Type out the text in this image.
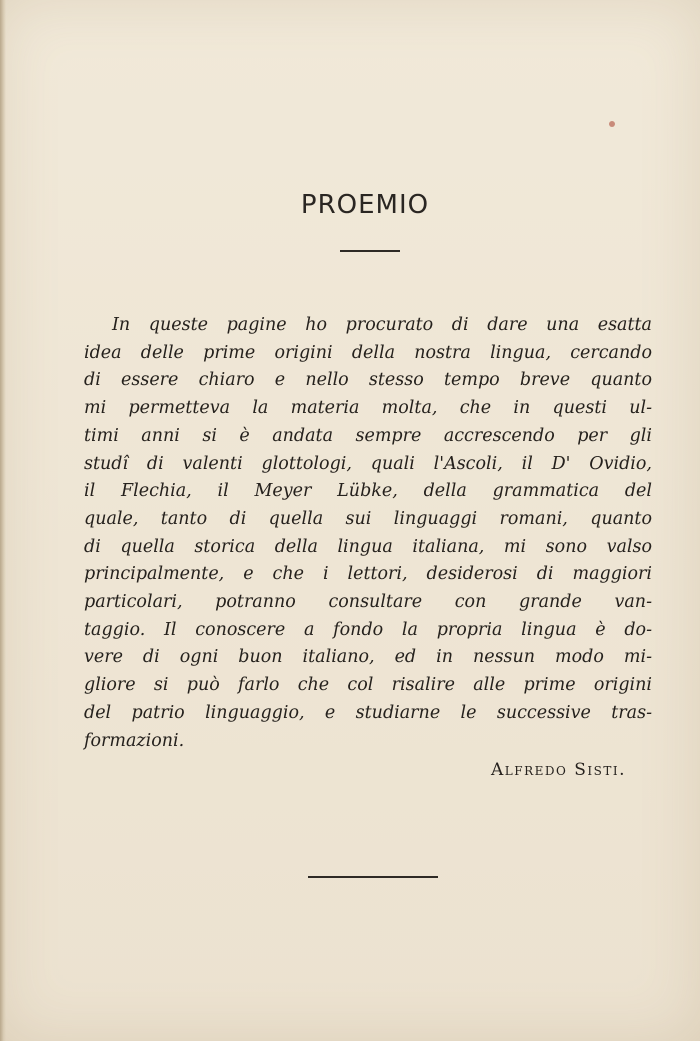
PROEMIO
In queste pagine ho procurato di dare una esatta
idea delle prime origini della nostra lingua, cercando
di essere chiaro e nello stesso tempo breve quanto
mi permetteva la materia molta, che in questi ul-
timi anni si è andata sempre accrescendo per gli
studî di valenti glottologi, quali l'Ascoli, il D' Ovidio,
il Flechia, il Meyer Lübke, della grammatica del
quale, tanto di quella sui linguaggi romani, quanto
di quella storica della lingua italiana, mi sono valso
principalmente, e che i lettori, desiderosi di maggiori
particolari, potranno consultare con grande van-
taggio. Il conoscere a fondo la propria lingua è do-
vere di ogni buon italiano, ed in nessun modo mi-
gliore si può farlo che col risalire alle prime origini
del patrio linguaggio, e studiarne le successive tras-
formazioni.
Alfredo Sisti.
